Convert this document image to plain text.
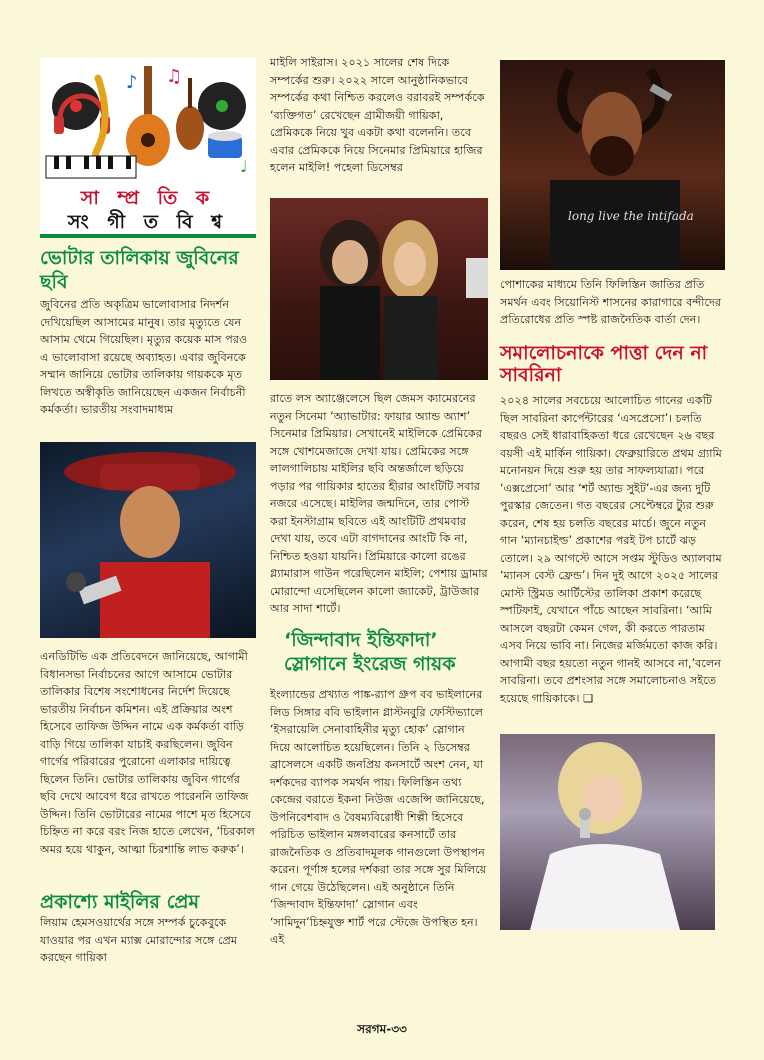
♪ ♫
♩
সা ম্প্র তি ক
সং গী ত বি শ্ব
ভোটার তালিকায় জুবিনের ছবি

জুবিনের প্রতি অকৃত্রিম ভালোবাসার নিদর্শন দেখিয়েছিল আসামের মানুষ। তার মৃত্যুতে যেন আসাম থেমে গিয়েছিল। মৃত্যুর কয়েক মাস পরও এ ভালোবাসা রয়েছে অব্যাহত। এবার জুবিনকে সম্মান জানিয়ে ভোটার তালিকায় গায়ককে মৃত লিখতে অস্বীকৃতি জানিয়েছেন একজন নির্বাচনী কর্মকর্তা। ভারতীয় সংবাদমাধ্যম

এনডিটিভি এক প্রতিবেদনে জানিয়েছে, আগামী বিধানসভা নির্বাচনের আগে আসামে ভোটার তালিকার বিশেষ সংশোধনের নির্দেশ দিয়েছে ভারতীয় নির্বাচন কমিশন। এই প্রক্রিয়ার অংশ হিসেবে তাফিজ উদ্দিন নামে এক কর্মকর্তা বাড়ি বাড়ি গিয়ে তালিকা যাচাই করছিলেন। জুবিন গার্গের পরিবারের পুরোনো এলাকার দায়িত্বে ছিলেন তিনি। ভোটার তালিকায় জুবিন গার্গের ছবি দেখে আবেগ ধরে রাখতে পারেননি তাফিজ উদ্দিন। তিনি ভোটারের নামের পাশে মৃত হিসেবে চিহ্নিত না করে বরং নিজ হাতে লেখেন, ‘চিরকাল অমর হয়ে থাকুন, আত্মা চিরশান্তি লাভ করুক’।

প্রকাশ্যে মাইলির প্রেম

লিয়াম হেমসওয়ার্থের সঙ্গে সম্পর্ক চুকেবুকে যাওয়ার পর এখন ম্যাক্স মোরান্দোর সঙ্গে প্রেম করছেন গায়িকা

মাইলি সাইরাস। ২০২১ সালের শেষ দিকে সম্পর্কের শুরু। ২০২২ সালে আনুষ্ঠানিকভাবে সম্পর্কের কথা নিশ্চিত করলেও বরাবরই সম্পর্ককে ‘ব্যক্তিগত’ রেখেছেন গ্রামীজয়ী গায়িকা, প্রেমিককে নিয়ে খুব একটা কথা বলেননি। তবে এবার প্রেমিককে নিয়ে সিনেমার প্রিমিয়ারে হাজির হলেন মাইলি! পহেলা ডিসেম্বর

রাতে লস অ্যাঞ্জেলেসে ছিল জেমস ক্যামেরনের নতুন সিনেমা ‘অ্যাভাটার: ফায়ার অ্যান্ড অ্যাশ’ সিনেমার প্রিমিয়ার। সেখানেই মাইলিকে প্রেমিকের সঙ্গে খোশমেজাজে দেখা যায়। প্রেমিকের সঙ্গে লালগালিচায় মাইলির ছবি অন্তর্জালে ছড়িয়ে পড়ার পর গায়িকার হাতের হীরার আংটিটি সবার নজরে এসেছে। মাইলির জন্মদিনে, তার পোস্ট করা ইনস্টাগ্রাম ছবিতে এই আংটিটি প্রথমবার দেখা যায়, তবে এটা বাগদানের আংটি কি না, নিশ্চিত হওয়া যায়নি। প্রিমিয়ারে কালো রঙের গ্ল্যামারাস গাউন পরেছিলেন মাইলি; পেশায় ড্রামার মোরান্দো এসেছিলেন কালো জ্যাকেট, ট্রাউজার আর সাদা শার্টে।

‘জিন্দাবাদ ইন্তিফাদা’ স্লোগানে ইংরেজ গায়ক

ইংল্যান্ডের প্রখ্যাত পাঙ্ক-র‍্যাপ গ্রুপ বব ভাইলানের লিড সিঙ্গার ববি ভাইলান গ্লাস্টনবুরি ফেস্টিভ্যালে ‘ইসরায়েলি সেনাবাহিনীর মৃত্যু হোক’ স্লোগান দিয়ে আলোচিত হয়েছিলেন। তিনি ২ ডিসেম্বর ব্রাসেলসে একটি জনপ্রিয় কনসার্টে অংশ নেন, যা দর্শকদের ব্যাপক সমর্থন পায়। ফিলিস্তিন তথ্য কেন্দ্রের বরাতে ইকনা নিউজ এজেন্সি জানিয়েছে, উপনিবেশবাদ ও বৈষম্যবিরোধী শিল্পী হিসেবে পরিচিত ভাইলান মঙ্গলবারের কনসার্টে তার রাজনৈতিক ও প্রতিবাদমূলক গানগুলো উপস্থাপন করেন। পূর্ণাঙ্গ হলের দর্শকরা তার সঙ্গে সুর মিলিয়ে গান গেয়ে উঠেছিলেন। এই অনুষ্ঠানে তিনি ‘জিন্দাবাদ ইন্তিফাদা’ স্লোগান এবং ‘সামিদুন’চিহ্নযুক্ত শার্ট পরে স্টেজে উপস্থিত হন। এই

long live the intifada

পোশাকের মাধ্যমে তিনি ফিলিস্তিন জাতির প্রতি সমর্থন এবং সিয়োনিস্ট শাসনের কারাগারে বন্দীদের প্রতিরোধের প্রতি স্পষ্ট রাজনৈতিক বার্তা দেন।

সমালোচনাকে পাত্তা দেন না সাবরিনা

২০২৪ সালের সবচেয়ে আলোচিত গানের একটি ছিল সাবরিনা কার্পেন্টারের ‘এসপ্রেসো’। চলতি বছরও সেই ধারাবাহিকতা ধরে রেখেছেন ২৬ বছর বয়সী এই মার্কিন গায়িকা। ফেব্রুয়ারিতে প্রথম গ্র্যামি মনোনয়ন দিয়ে শুরু হয় তার সাফল্যযাত্রা। পরে ‘এক্সপ্রেসো’ আর ‘শর্ট অ্যান্ড সুইট’-এর জন্য দুটি পুরস্কার জেতেন। গত বছরের সেপ্টেম্বরে ট্যুর শুরু করেন, শেষ হয় চলতি বছরের মার্চে। জুনে নতুন গান ‘ম্যানচাইল্ড’ প্রকাশের পরই টপ চার্টে ঝড় তোলে। ২৯ আগস্টে আসে সপ্তম স্টুডিও অ্যালবাম ‘ম্যানস বেস্ট ফ্রেন্ড’। দিন দুই আগে ২০২৫ সালের মোস্ট স্ট্রিমড আর্টিস্টের তালিকা প্রকাশ করেছে স্পটিফাই, যেখানে পাঁচে আছেন সাবরিনা। ‘আমি আসলে বছরটা কেমন গেল, কী করতে পারতাম এসব নিয়ে ভাবি না। নিজের মর্জিমতো কাজ করি। আগামী বছর হয়তো নতুন গানই আসবে না,’বলেন সাবরিনা। তবে প্রশংসার সঙ্গে সমালোচনাও সইতে হয়েছে গায়িকাকে। ❑

সরগম-৩৩
